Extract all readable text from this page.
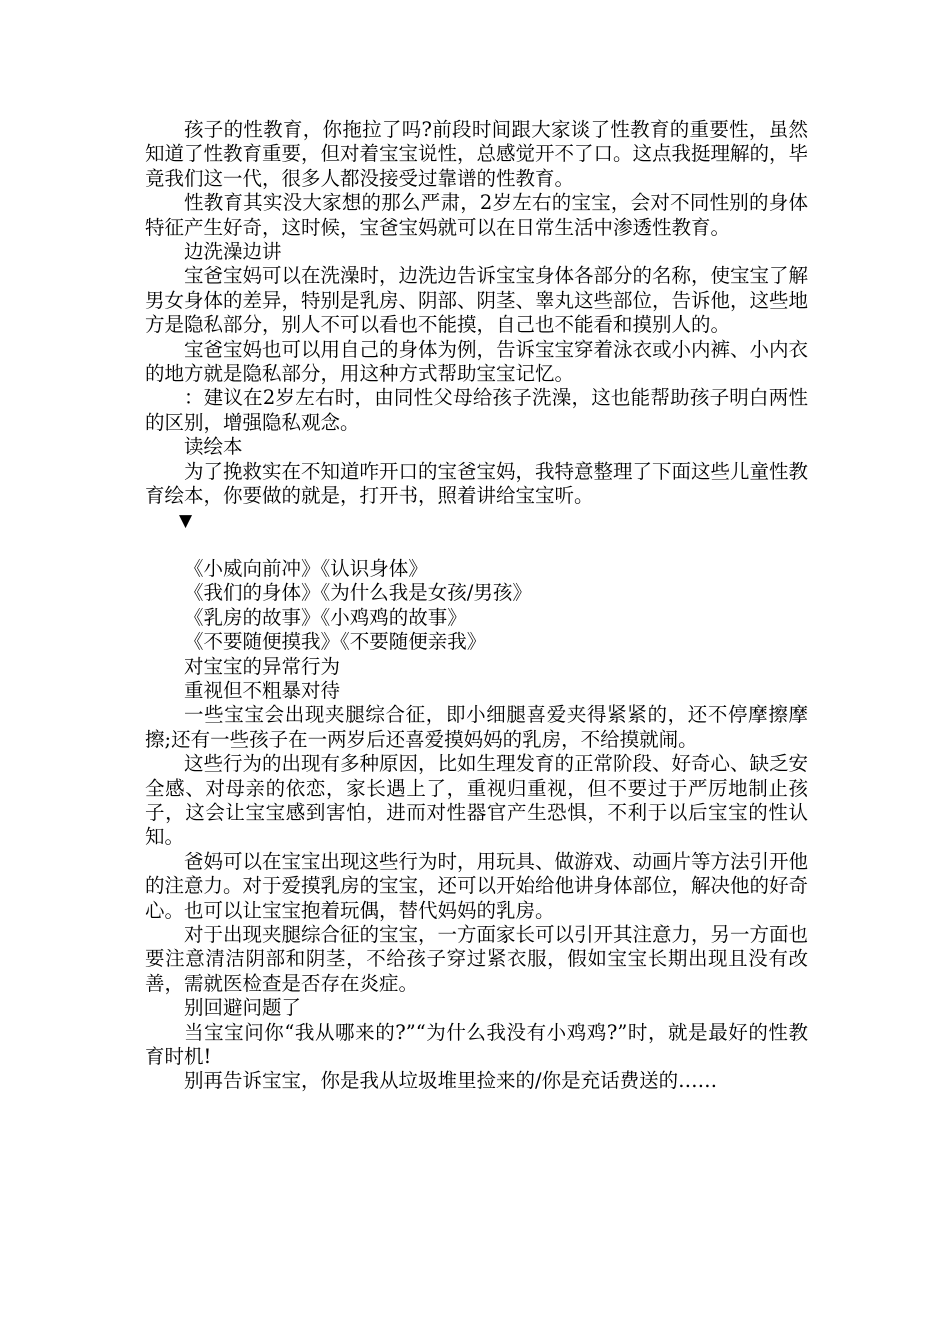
孩子的性教育，你拖拉了吗?前段时间跟大家谈了性教育的重要性，虽然知道了性教育重要，但对着宝宝说性，总感觉开不了口。这点我挺理解的，毕竟我们这一代，很多人都没接受过靠谱的性教育。

性教育其实没大家想的那么严肃，2岁左右的宝宝，会对不同性别的身体特征产生好奇，这时候，宝爸宝妈就可以在日常生活中渗透性教育。

边洗澡边讲

宝爸宝妈可以在洗澡时，边洗边告诉宝宝身体各部分的名称，使宝宝了解男女身体的差异，特别是乳房、阴部、阴茎、睾丸这些部位，告诉他，这些地方是隐私部分，别人不可以看也不能摸，自己也不能看和摸别人的。

宝爸宝妈也可以用自己的身体为例，告诉宝宝穿着泳衣或小内裤、小内衣的地方就是隐私部分，用这种方式帮助宝宝记忆。

：建议在2岁左右时，由同性父母给孩子洗澡，这也能帮助孩子明白两性的区别，增强隐私观念。

读绘本

为了挽救实在不知道咋开口的宝爸宝妈，我特意整理了下面这些儿童性教育绘本，你要做的就是，打开书，照着讲给宝宝听。

▼

《小威向前冲》《认识身体》

《我们的身体》《为什么我是女孩/男孩》

《乳房的故事》《小鸡鸡的故事》

《不要随便摸我》《不要随便亲我》

对宝宝的异常行为

重视但不粗暴对待

一些宝宝会出现夹腿综合征，即小细腿喜爱夹得紧紧的，还不停摩擦摩擦;还有一些孩子在一两岁后还喜爱摸妈妈的乳房，不给摸就闹。

这些行为的出现有多种原因，比如生理发育的正常阶段、好奇心、缺乏安全感、对母亲的依恋，家长遇上了，重视归重视，但不要过于严厉地制止孩子，这会让宝宝感到害怕，进而对性器官产生恐惧，不利于以后宝宝的性认知。

爸妈可以在宝宝出现这些行为时，用玩具、做游戏、动画片等方法引开他的注意力。对于爱摸乳房的宝宝，还可以开始给他讲身体部位，解决他的好奇心。也可以让宝宝抱着玩偶，替代妈妈的乳房。

对于出现夹腿综合征的宝宝，一方面家长可以引开其注意力，另一方面也要注意清洁阴部和阴茎，不给孩子穿过紧衣服，假如宝宝长期出现且没有改善，需就医检查是否存在炎症。

别回避问题了

当宝宝问你“我从哪来的?”“为什么我没有小鸡鸡?”时，就是最好的性教育时机!

别再告诉宝宝，你是我从垃圾堆里捡来的/你是充话费送的……
